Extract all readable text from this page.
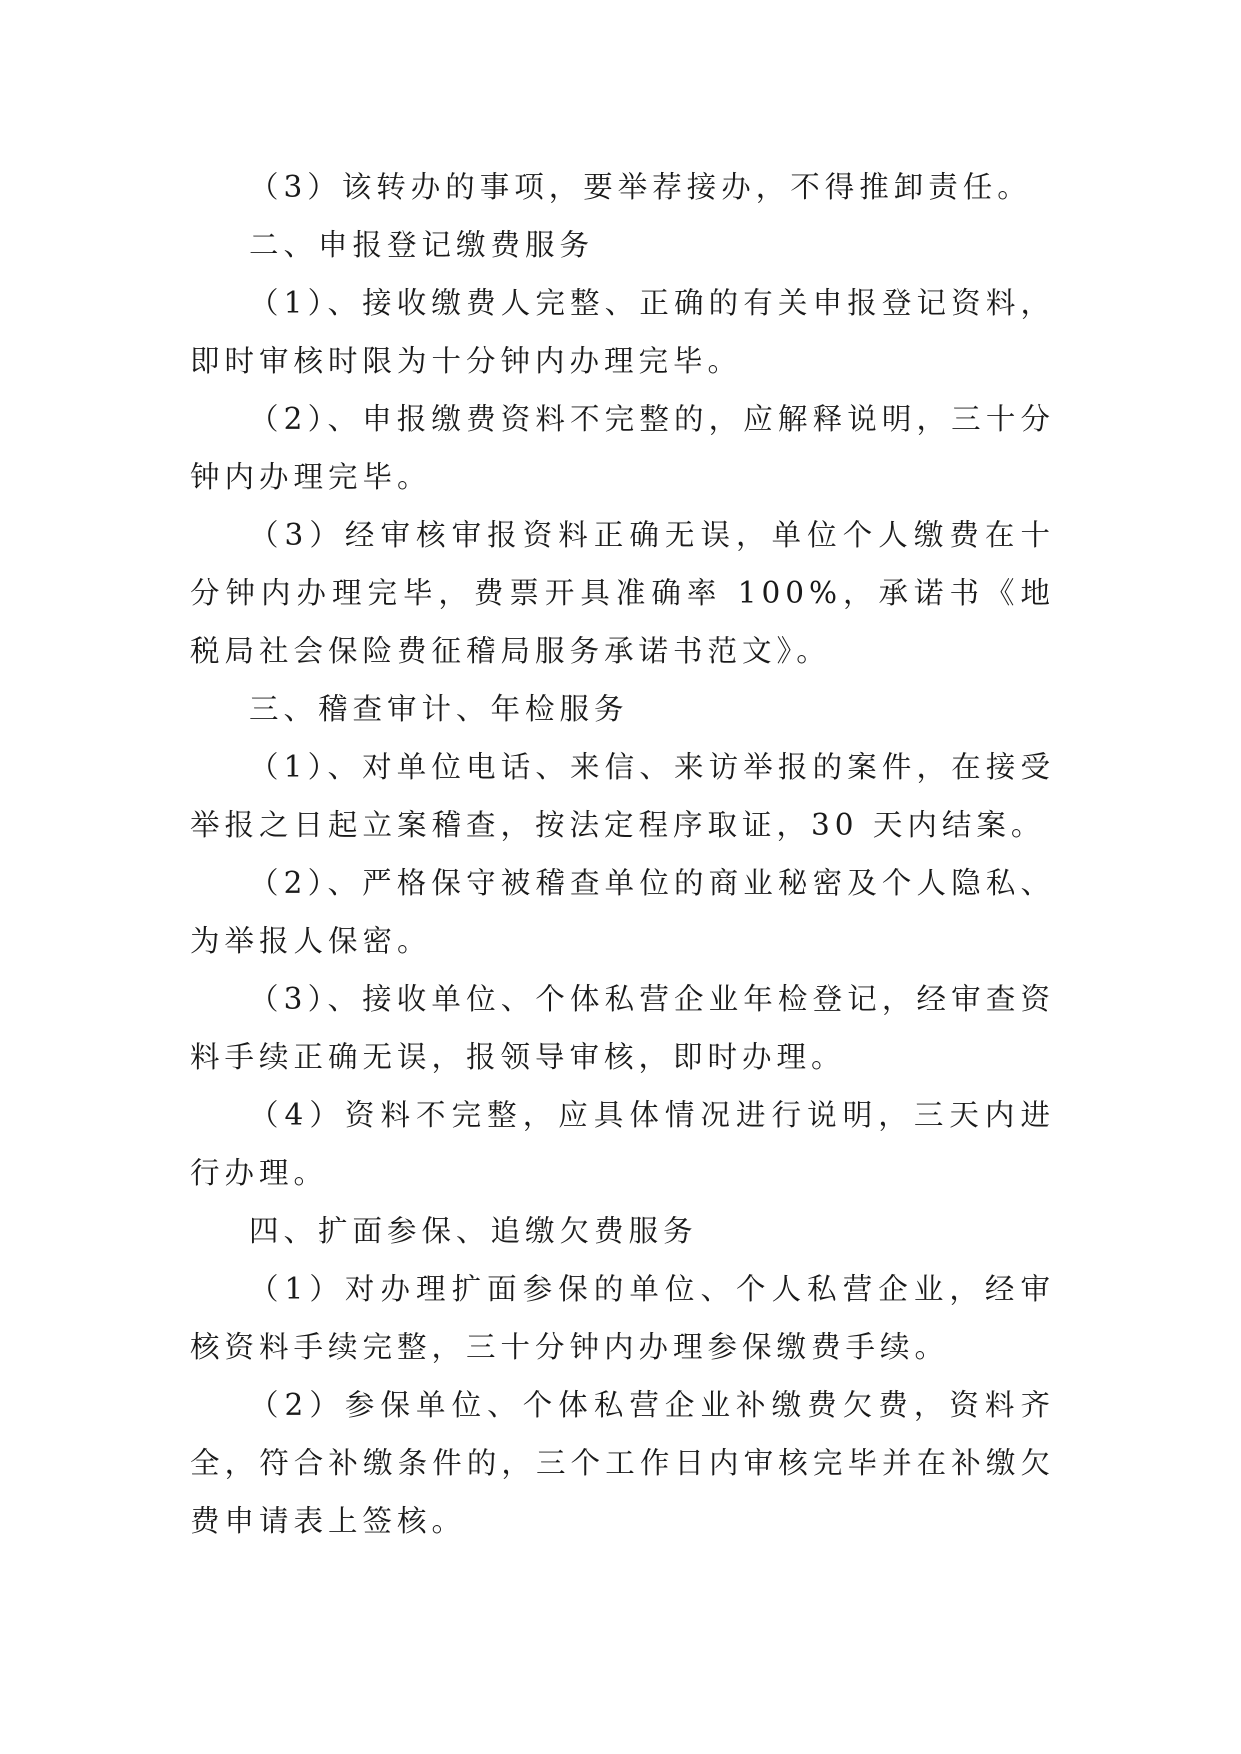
（3）该转办的事项，要举荐接办，不得推卸责任。

二、申报登记缴费服务

（1）、接收缴费人完整、正确的有关申报登记资料，即时审核时限为十分钟内办理完毕。

（2）、申报缴费资料不完整的，应解释说明，三十分钟内办理完毕。

（3）经审核审报资料正确无误，单位个人缴费在十分钟内办理完毕，费票开具准确率 100%，承诺书《地税局社会保险费征稽局服务承诺书范文》。

三、稽查审计、年检服务

（1）、对单位电话、来信、来访举报的案件，在接受举报之日起立案稽查，按法定程序取证，30 天内结案。

（2）、严格保守被稽查单位的商业秘密及个人隐私、为举报人保密。

（3）、接收单位、个体私营企业年检登记，经审查资料手续正确无误，报领导审核，即时办理。

（4）资料不完整，应具体情况进行说明，三天内进行办理。

四、扩面参保、追缴欠费服务

（1）对办理扩面参保的单位、个人私营企业，经审核资料手续完整，三十分钟内办理参保缴费手续。

（2）参保单位、个体私营企业补缴费欠费，资料齐全，符合补缴条件的，三个工作日内审核完毕并在补缴欠费申请表上签核。
